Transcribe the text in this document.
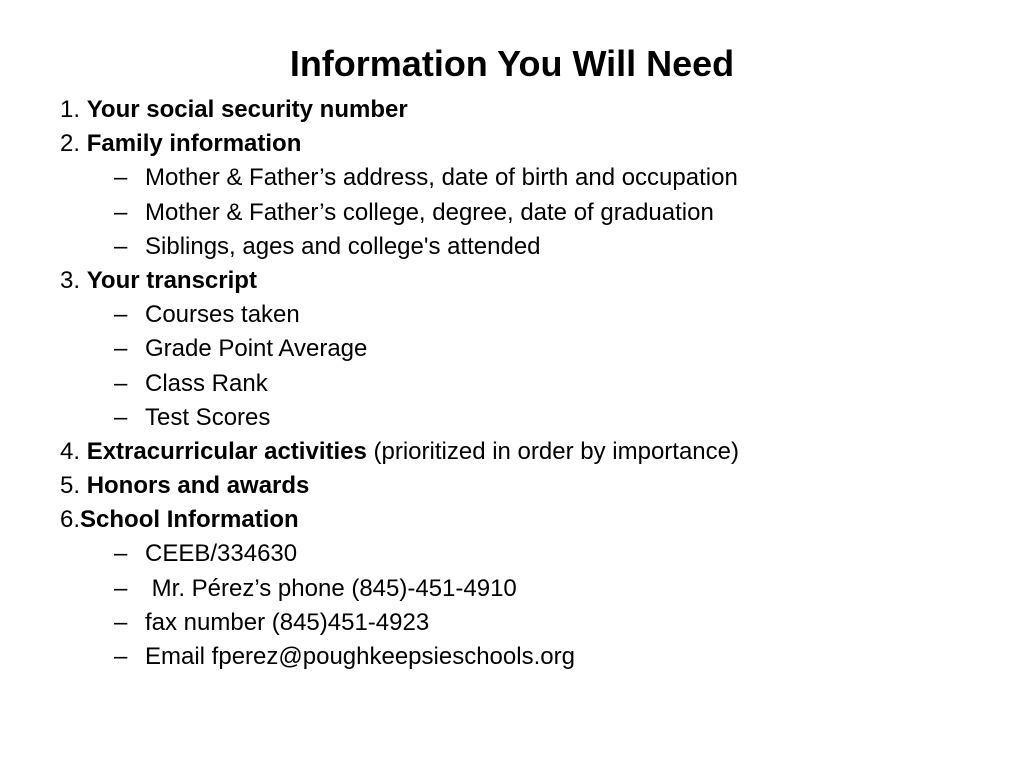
Information You Will Need
1. Your social security number
2. Family information
– Mother & Father’s address, date of birth and occupation
– Mother & Father’s college, degree, date of graduation
– Siblings, ages and college's attended
3. Your transcript
– Courses taken
– Grade Point Average
– Class Rank
– Test Scores
4. Extracurricular activities (prioritized in order by importance)
5. Honors and awards
6.School Information
– CEEB/334630
– Mr. Pérez’s phone (845)-451-4910
– fax number (845)451-4923
– Email fperez@poughkeepsieschools.org
